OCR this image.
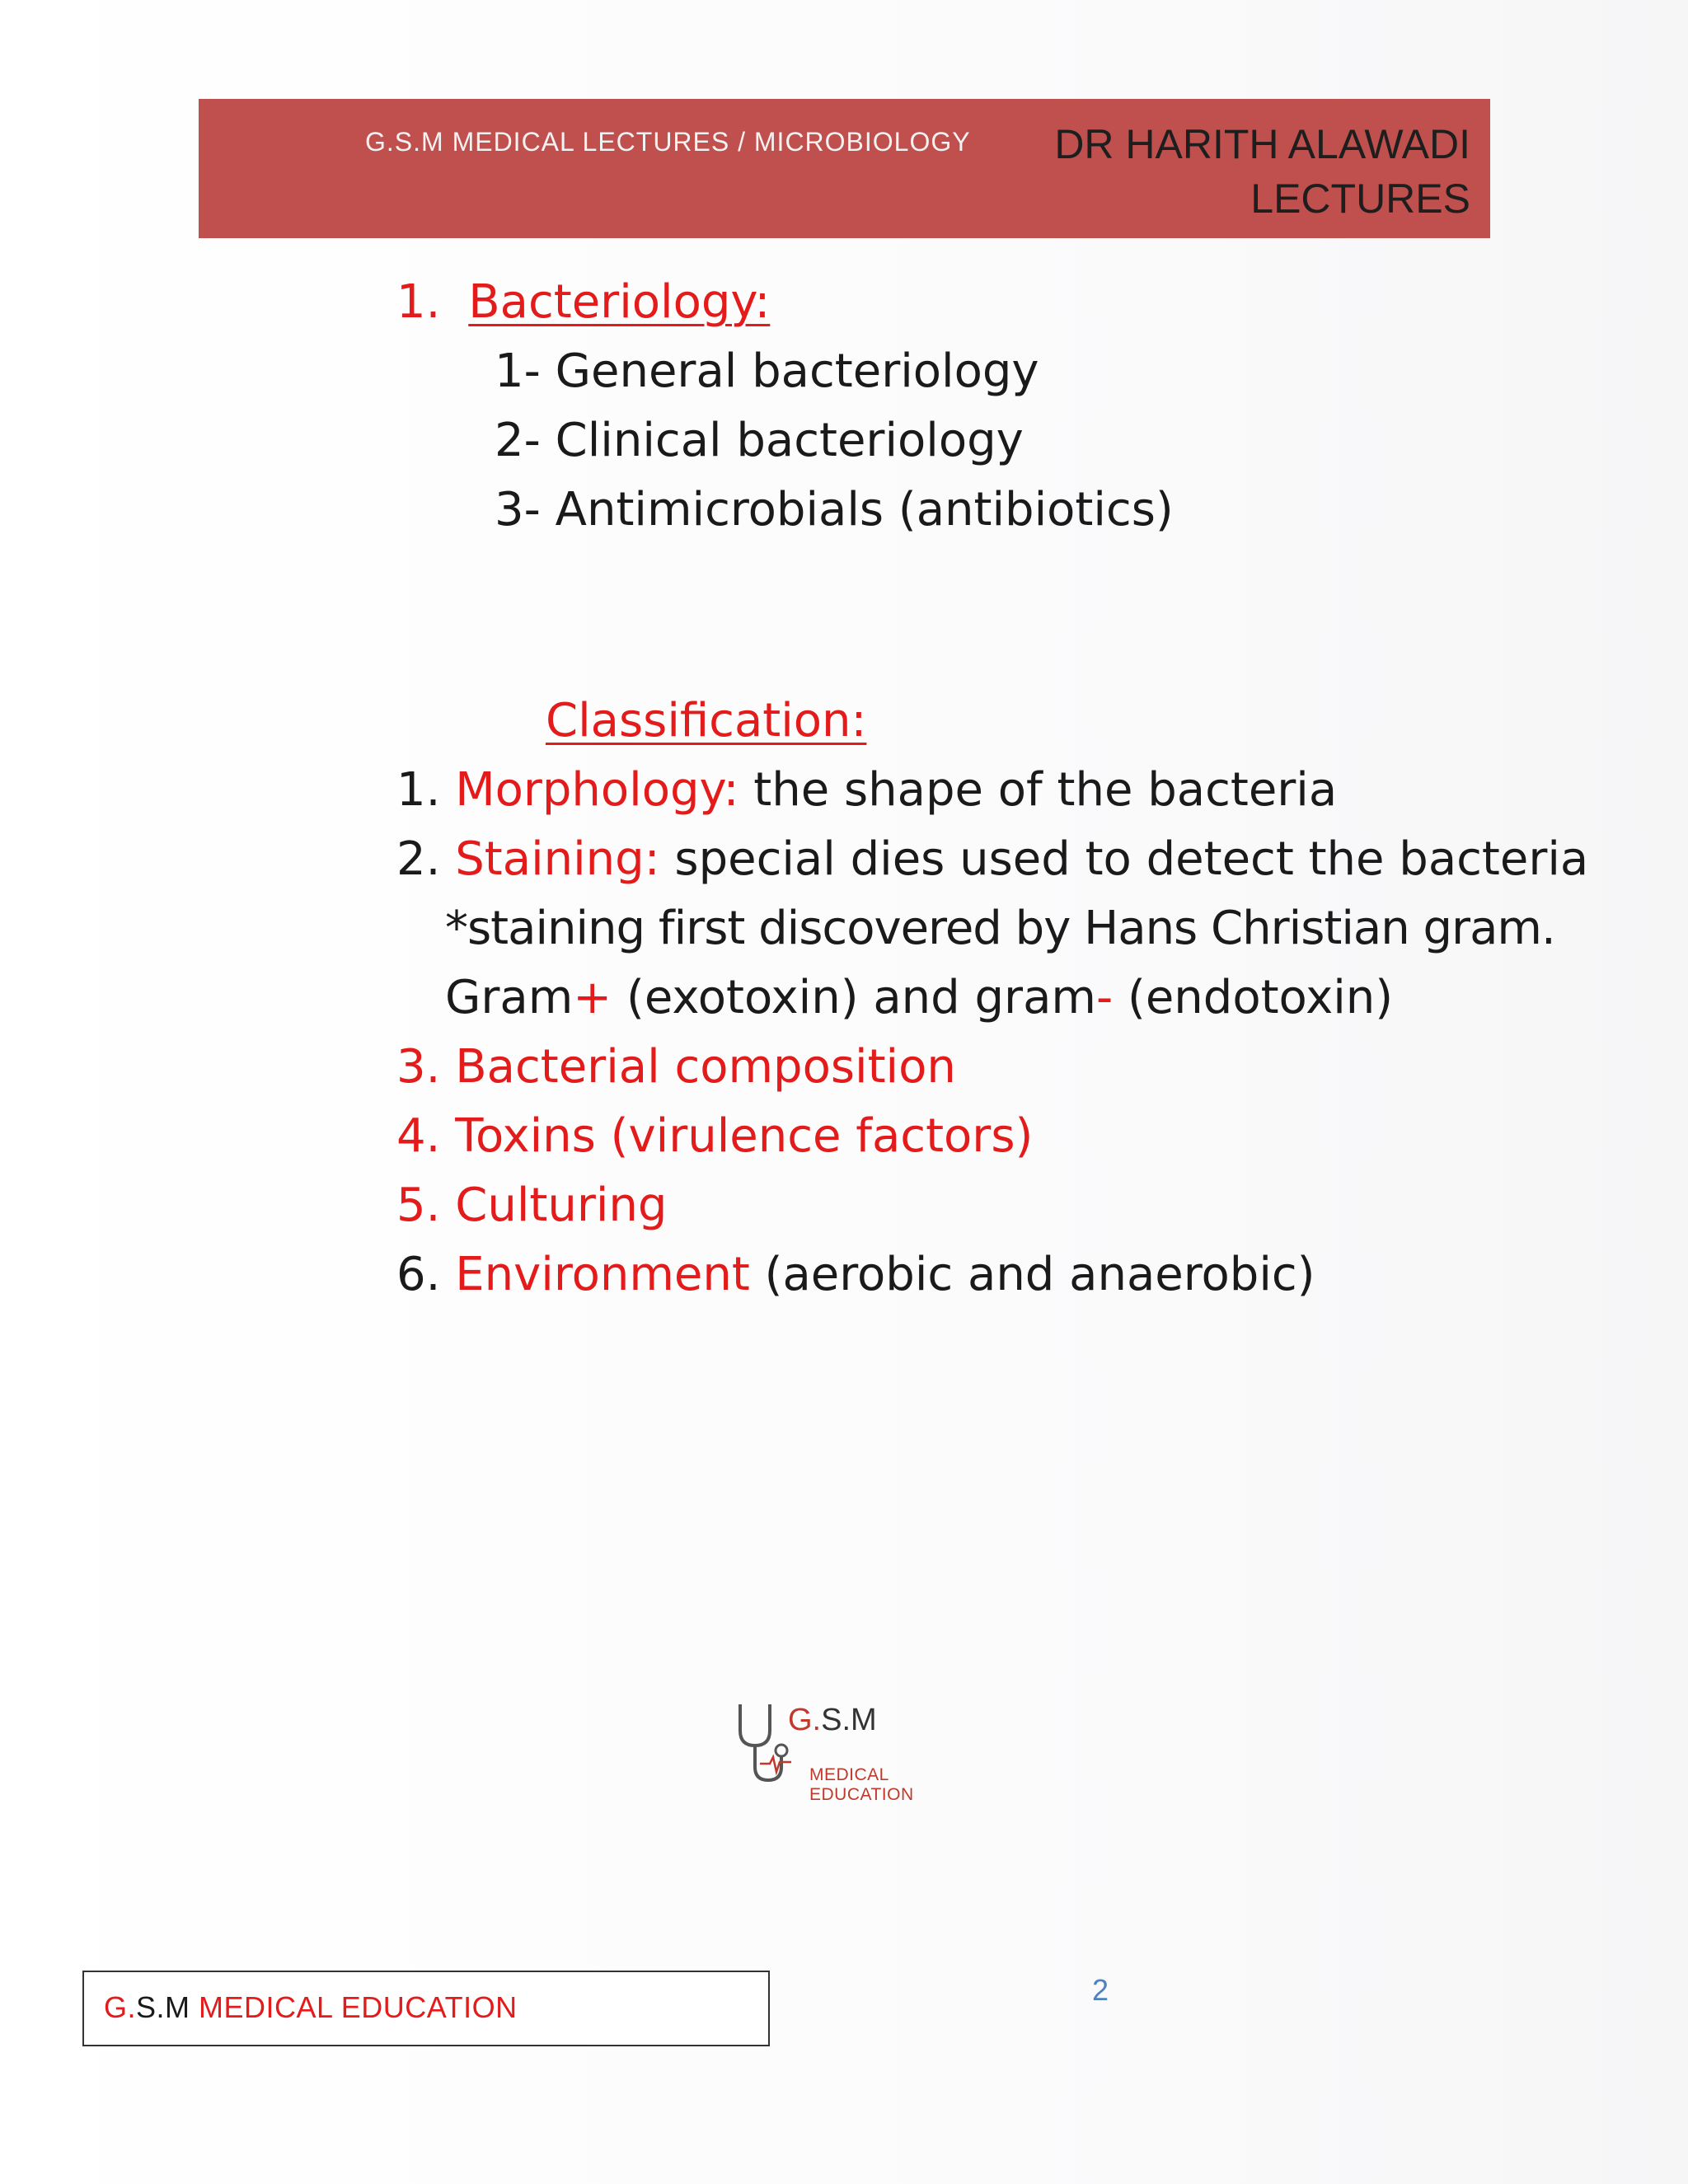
G.S.M MEDICAL LECTURES / MICROBIOLOGY DR HARITH ALAWADI
LECTURES
1. Bacteriology:
1- General bacteriology
2- Clinical bacteriology
3- Antimicrobials (antibiotics)
Classification:
1. Morphology: the shape of the bacteria
2. Staining: special dies used to detect the bacteria
*staining first discovered by Hans Christian gram.
Gram+ (exotoxin) and gram- (endotoxin)
3. Bacterial composition
4. Toxins (virulence factors)
5. Culturing
6. Environment (aerobic and anaerobic)
G.S.M
MEDICAL EDUCATION
G.S.M MEDICAL EDUCATION
2
